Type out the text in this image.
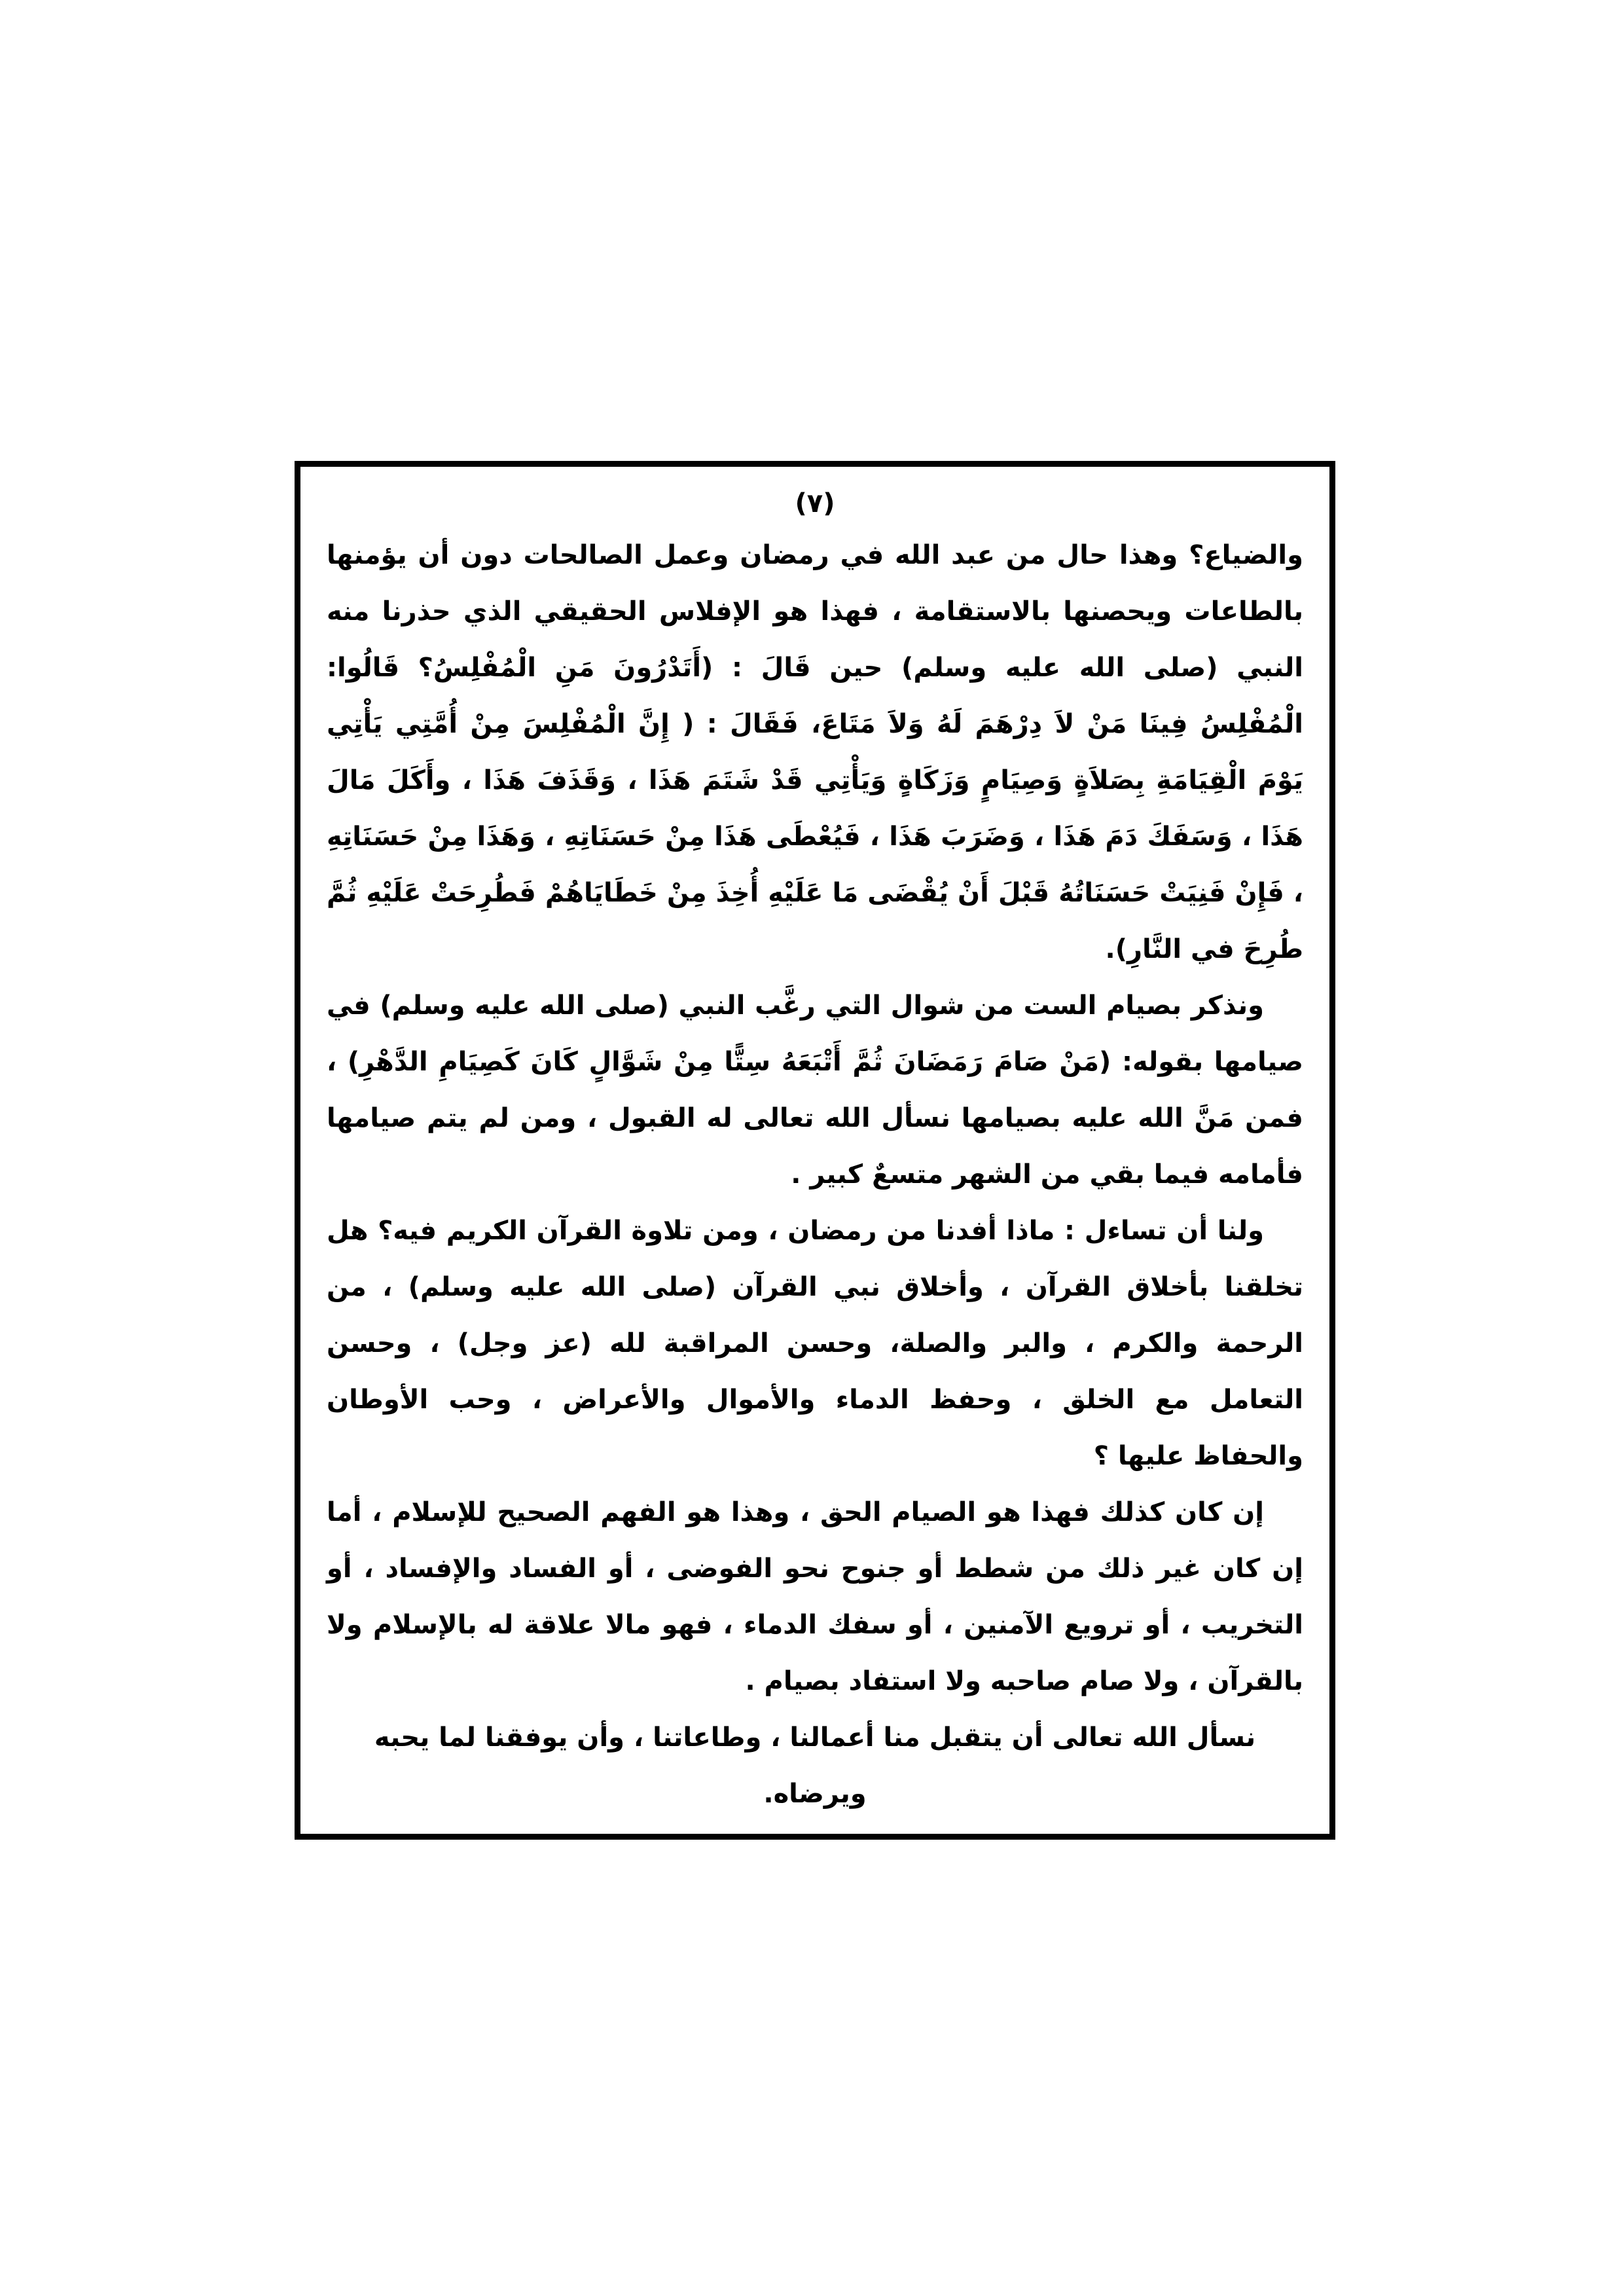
(٧)

والضياع؟ وهذا حال من عبد الله في رمضان وعمل الصالحات دون أن يؤمنها بالطاعات ويحصنها بالاستقامة ، فهذا هو الإفلاس الحقيقي الذي حذرنا منه النبي (صلى الله عليه وسلم) حين قَالَ : (أَتَدْرُونَ مَنِ الْمُفْلِسُ؟ قَالُوا: الْمُفْلِسُ فِينَا مَنْ لاَ دِرْهَمَ لَهُ وَلاَ مَتَاعَ، فَقَالَ : ( إِنَّ الْمُفْلِسَ مِنْ أُمَّتِي يَأْتِي يَوْمَ الْقِيَامَةِ بِصَلاَةٍ وَصِيَامٍ وَزَكَاةٍ وَيَأْتِي قَدْ شَتَمَ هَذَا ، وَقَذَفَ هَذَا ، وأَكَلَ مَالَ هَذَا ، وَسَفَكَ دَمَ هَذَا ، وَضَرَبَ هَذَا ، فَيُعْطَى هَذَا مِنْ حَسَنَاتِهِ ، وَهَذَا مِنْ حَسَنَاتِهِ ، فَإِنْ فَنِيَتْ حَسَنَاتُهُ قَبْلَ أَنْ يُقْضَى مَا عَلَيْهِ أُخِذَ مِنْ خَطَايَاهُمْ فَطُرِحَتْ عَلَيْهِ ثُمَّ طُرِحَ في النَّارِ).

ونذكر بصيام الست من شوال التي رغَّب النبي (صلى الله عليه وسلم) في صيامها بقوله: (مَنْ صَامَ رَمَضَانَ ثُمَّ أَتْبَعَهُ سِتًّا مِنْ شَوَّالٍ كَانَ كَصِيَامِ الدَّهْرِ) ، فمن مَنَّ الله عليه بصيامها نسأل الله تعالى له القبول ، ومن لم يتم صيامها فأمامه فيما بقي من الشهر متسعٌ كبير .

ولنا أن تساءل : ماذا أفدنا من رمضان ، ومن تلاوة القرآن الكريم فيه؟ هل تخلقنا بأخلاق القرآن ، وأخلاق نبي القرآن (صلى الله عليه وسلم) ، من الرحمة والكرم ، والبر والصلة، وحسن المراقبة لله (عز وجل) ، وحسن التعامل مع الخلق ، وحفظ الدماء والأموال والأعراض ، وحب الأوطان والحفاظ عليها ؟

إن كان كذلك فهذا هو الصيام الحق ، وهذا هو الفهم الصحيح للإسلام ، أما إن كان غير ذلك من شطط أو جنوح نحو الفوضى ، أو الفساد والإفساد ، أو التخريب ، أو ترويع الآمنين ، أو سفك الدماء ، فهو مالا علاقة له بالإسلام ولا بالقرآن ، ولا صام صاحبه ولا استفاد بصيام .

نسأل الله تعالى أن يتقبل منا أعمالنا ، وطاعاتنا ، وأن يوفقنا لما يحبه ويرضاه.
